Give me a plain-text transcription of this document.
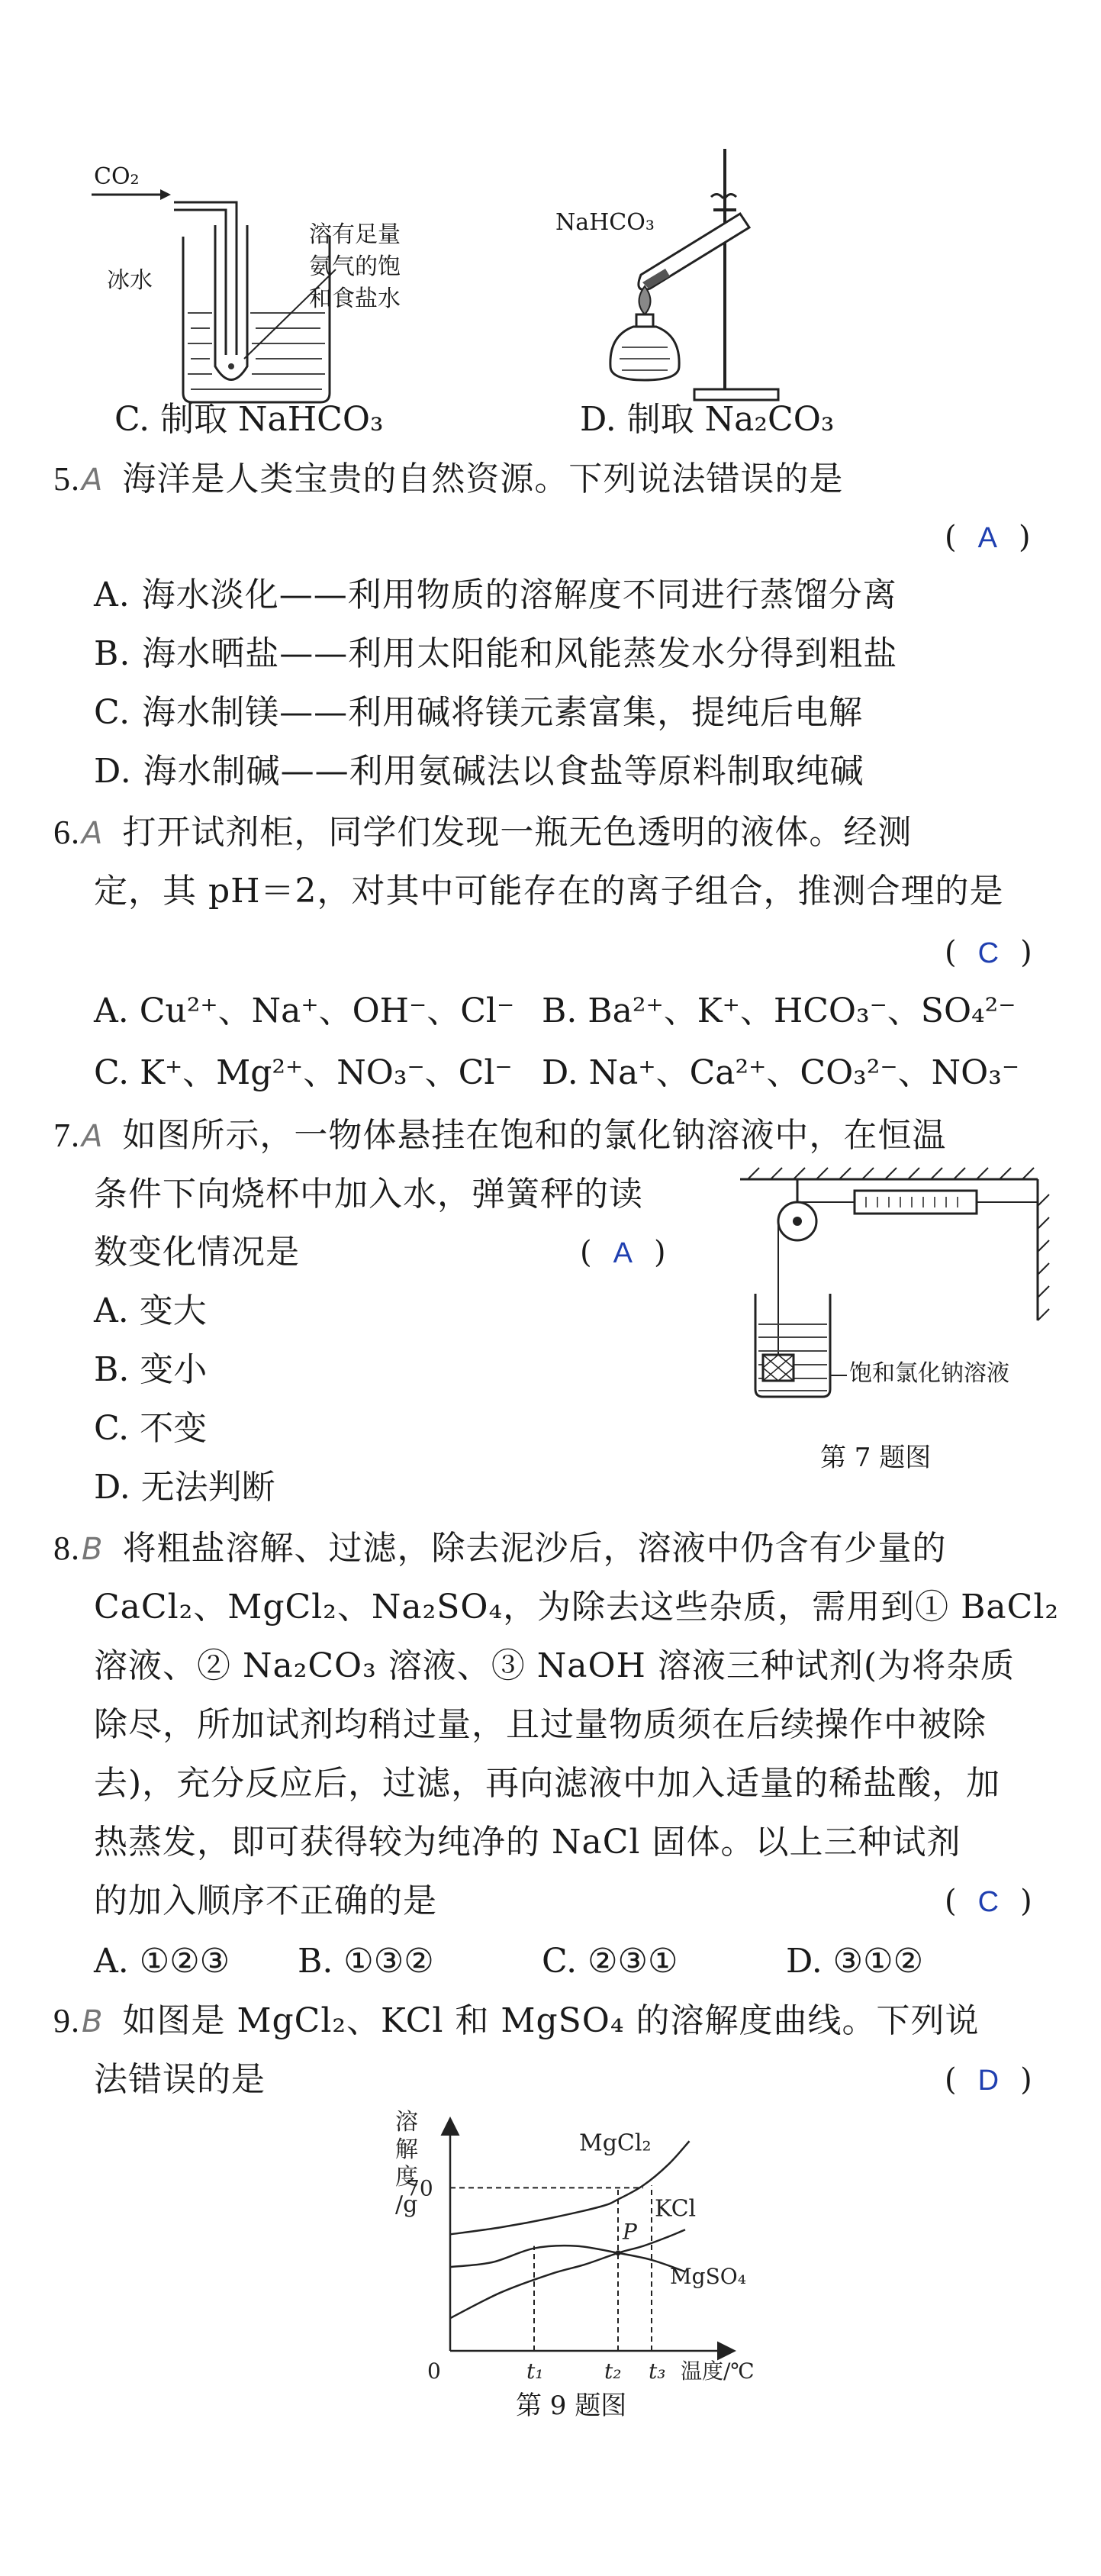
CO₂
冰水
溶有足量
氨气的饱
和食盐水
C. 制取 NaHCO₃
NaHCO₃
D. 制取 Na₂CO₃
5.A 海洋是人类宝贵的自然资源。下列说法错误的是
( A )
A. 海水淡化——利用物质的溶解度不同进行蒸馏分离
B. 海水晒盐——利用太阳能和风能蒸发水分得到粗盐
C. 海水制镁——利用碱将镁元素富集，提纯后电解
D. 海水制碱——利用氨碱法以食盐等原料制取纯碱
6.A 打开试剂柜，同学们发现一瓶无色透明的液体。经测
定，其 pH＝2，对其中可能存在的离子组合，推测合理的是
( C )
A. Cu²⁺、Na⁺、OH⁻、Cl⁻ B. Ba²⁺、K⁺、HCO₃⁻、SO₄²⁻
C. K⁺、Mg²⁺、NO₃⁻、Cl⁻ D. Na⁺、Ca²⁺、CO₃²⁻、NO₃⁻
7.A 如图所示，一物体悬挂在饱和的氯化钠溶液中，在恒温
条件下向烧杯中加入水，弹簧秤的读
数变化情况是	( A )
A. 变大
B. 变小
C. 不变
D. 无法判断
饱和氯化钠溶液
第 7 题图
8.B 将粗盐溶解、过滤，除去泥沙后，溶液中仍含有少量的
CaCl₂、MgCl₂、Na₂SO₄，为除去这些杂质，需用到① BaCl₂
溶液、② Na₂CO₃ 溶液、③ NaOH 溶液三种试剂(为将杂质
除尽，所加试剂均稍过量，且过量物质须在后续操作中被除
去)，充分反应后，过滤，再向滤液中加入适量的稀盐酸，加
热蒸发，即可获得较为纯净的 NaCl 固体。以上三种试剂
的加入顺序不正确的是	( C )
A. ①②③ B. ①③②	C. ②③①	D. ③①②
9.B 如图是 MgCl₂、KCl 和 MgSO₄ 的溶解度曲线。下列说
法错误的是	( D )
溶
解
度
/g
MgCl₂
KCl
MgSO₄
t₁	t₂ t₃
70
0	温度/℃
P
第 9 题图
